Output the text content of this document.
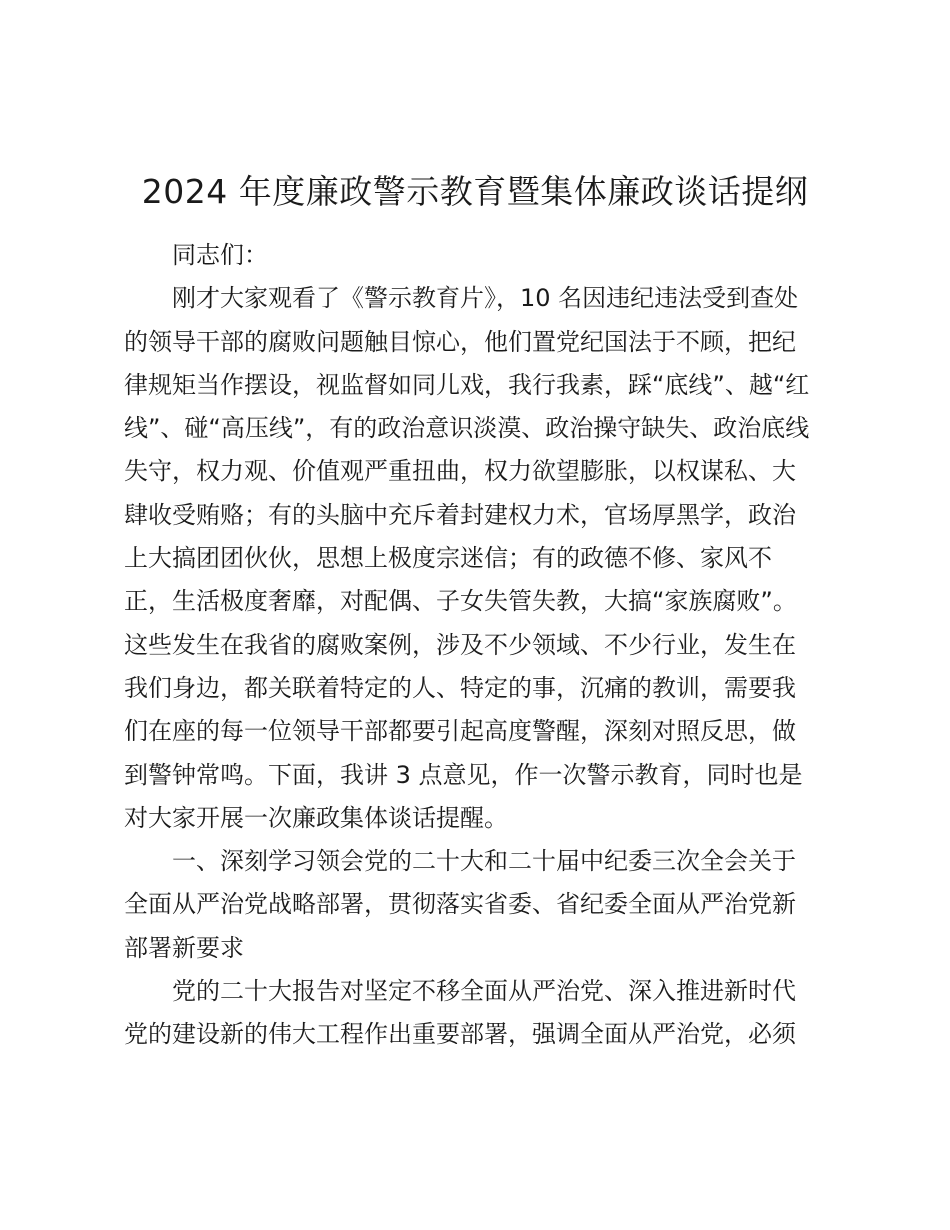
2024 年度廉政警示教育暨集体廉政谈话提纲
同志们：
刚才大家观看了《警示教育片》，10 名因违纪违法受到查处
的领导干部的腐败问题触目惊心，他们置党纪国法于不顾，把纪
律规矩当作摆设，视监督如同儿戏，我行我素，踩“底线”、越“红
线”、碰“高压线”，有的政治意识淡漠、政治操守缺失、政治底线
失守，权力观、价值观严重扭曲，权力欲望膨胀，以权谋私、大
肆收受贿赂；有的头脑中充斥着封建权力术，官场厚黑学，政治
上大搞团团伙伙，思想上极度宗迷信；有的政德不修、家风不
正，生活极度奢靡，对配偶、子女失管失教，大搞“家族腐败”。
这些发生在我省的腐败案例，涉及不少领域、不少行业，发生在
我们身边，都关联着特定的人、特定的事，沉痛的教训，需要我
们在座的每一位领导干部都要引起高度警醒，深刻对照反思，做
到警钟常鸣。下面，我讲 3 点意见，作一次警示教育，同时也是
对大家开展一次廉政集体谈话提醒。
一、深刻学习领会党的二十大和二十届中纪委三次全会关于
全面从严治党战略部署，贯彻落实省委、省纪委全面从严治党新
部署新要求
党的二十大报告对坚定不移全面从严治党、深入推进新时代
党的建设新的伟大工程作出重要部署，强调全面从严治党，必须
